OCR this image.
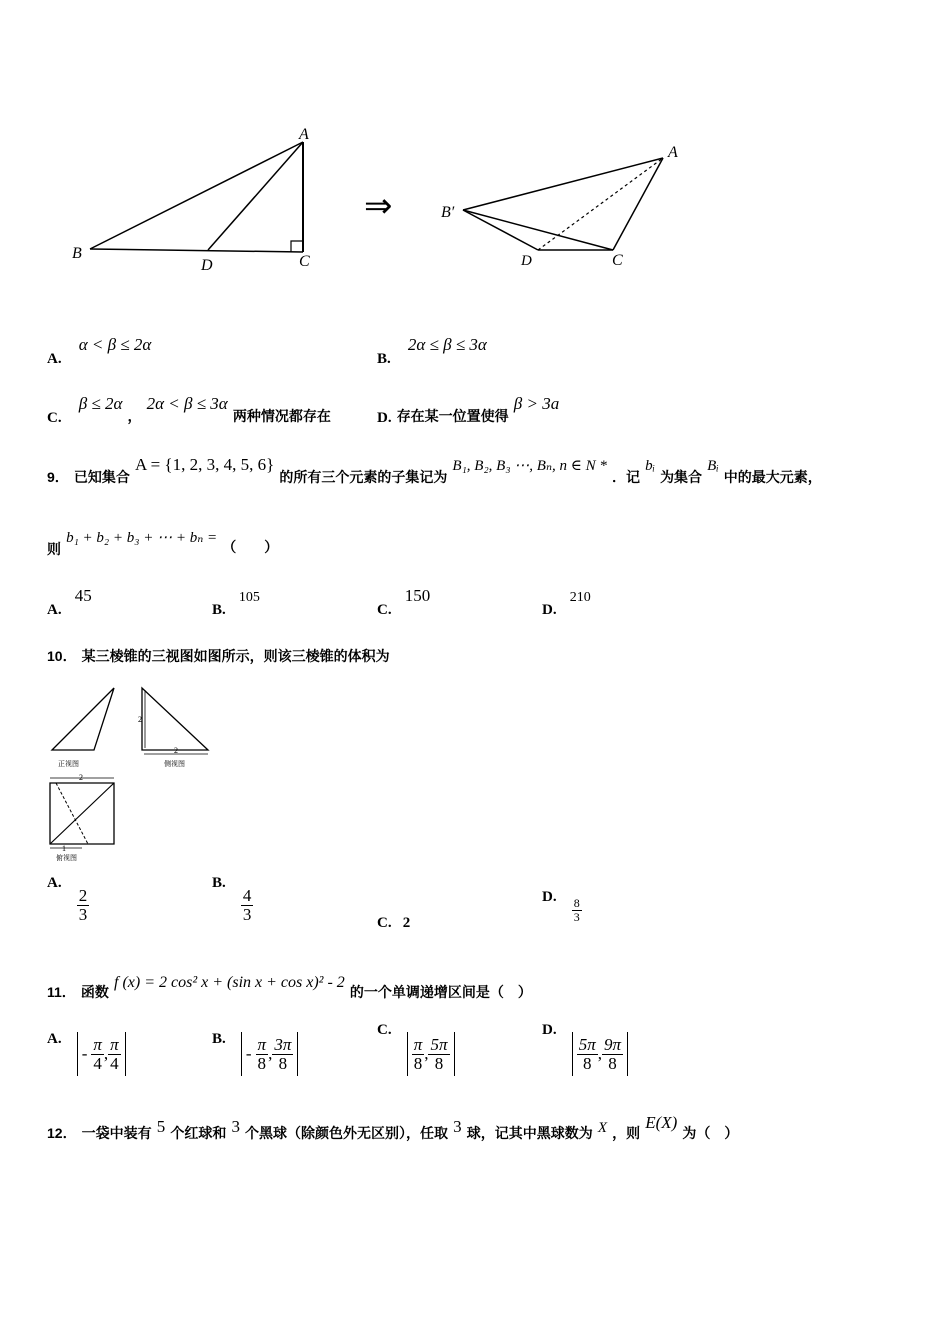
A
B
D	C
⇒
A
B′
D	C
A. α < β ≤ 2α
B. 2α ≤ β ≤ 3α
C. β ≤ 2α ， 2α < β ≤ 3α 两种情况都存在	D. 存在某一位置使得 β > 3a
9． 已知集合 A = {1, 2, 3, 4, 5, 6} 的所有三个元素的子集记为 B₁, B₂, B₃ ⋯, Bₙ, n ∈ N * ．记 bᵢ 为集合 Bᵢ 中的最大元素，
则 b₁ + b₂ + b₃ + ⋯ + bₙ = （　　）
A. 45
B. 105
C. 150
D. 210
10． 某三棱锥的三视图如图所示，则该三棱锥的体积为
正视图
2
2
侧视图
2
1
俯视图
A.
$\frac{2}{3}$
B.
$\frac{4}{3}$	C. 2
D. $\frac{8}{3}$
11． 函数 f (x) = 2 cos² x + (sin x + cos x)² - 2 的一个单调递增区间是（　）
A.
- $\frac{\pi}{4}$ , $\frac{\pi}{4}$	B.
- $\frac{\pi}{8}$ , $\frac{3\pi}{8}$
C.
$\frac{\pi}{8}$ , $\frac{5\pi}{8}$
D.
$\frac{5\pi}{8}$ , $\frac{9\pi}{8}$
12． 一袋中装有 5 个红球和 3 个黑球（除颜色外无区别），任取 3 球，记其中黑球数为 X ，则 E(X) 为（　）
